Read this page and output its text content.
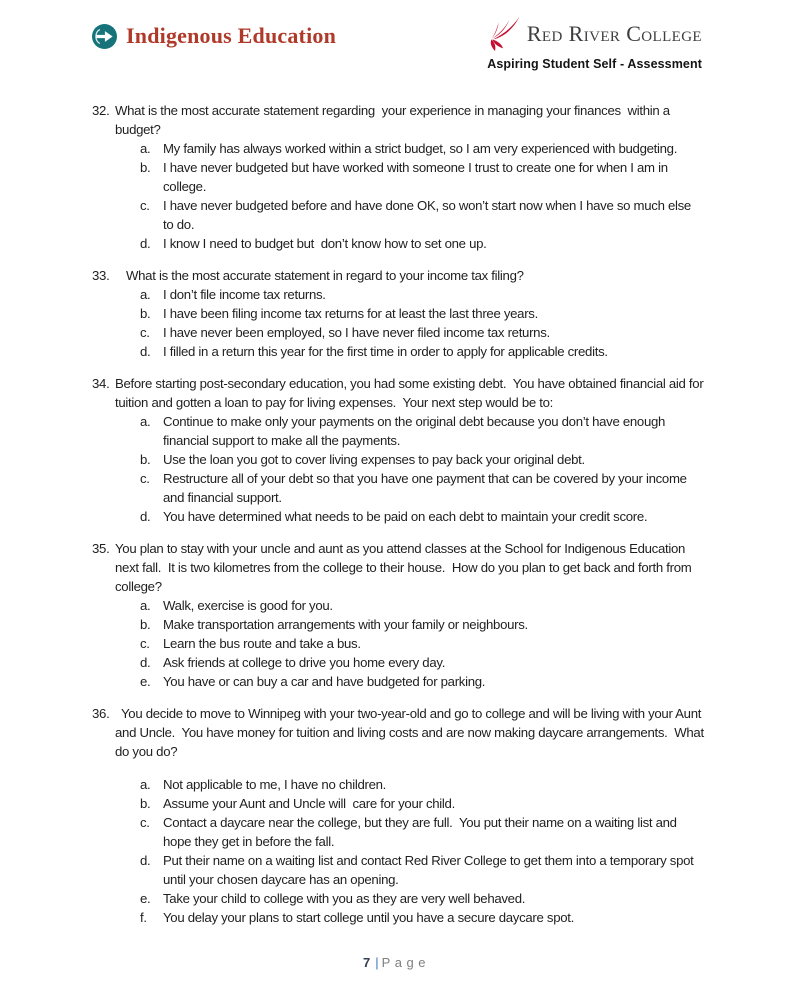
Indigenous Education	Red River College
Aspiring Student Self - Assessment
32. What is the most accurate statement regarding  your experience in managing your finances  within a budget?

a. My family has always worked within a strict budget, so I am very experienced with budgeting.
b. I have never budgeted but have worked with someone I trust to create one for when I am in college.
c.	I have never budgeted before and have done OK, so won’t start now when I have so much else to do.
d. I know I need to budget but  don’t know how to set one up.
33.	What is the most accurate statement in regard to your income tax filing?

a. I don’t file income tax returns.
b. I have been filing income tax returns for at least the last three years.
c.	I have never been employed, so I have never filed income tax returns.
d. I filled in a return this year for the first time in order to apply for applicable credits.
34. Before starting post-secondary education, you had some existing debt.  You have obtained financial aid for tuition and gotten a loan to pay for living expenses.  Your next step would be to:

a. Continue to make only your payments on the original debt because you don’t have enough financial support to make all the payments.
b. Use the loan you got to cover living expenses to pay back your original debt.
c.	Restructure all of your debt so that you have one payment that can be covered by your income and financial support.
d. You have determined what needs to be paid on each debt to maintain your credit score.
35. You plan to stay with your uncle and aunt as you attend classes at the School for Indigenous Education next fall.  It is two kilometres from the college to their house.  How do you plan to get back and forth from college?

a. Walk, exercise is good for you.
b. Make transportation arrangements with your family or neighbours.
c.	Learn the bus route and take a bus.
d. Ask friends at college to drive you home every day.
e. You have or can buy a car and have budgeted for parking.
36. You decide to move to Winnipeg with your two-year-old and go to college and will be living with your Aunt and Uncle.  You have money for tuition and living costs and are now making daycare arrangements.  What do you do?

a. Not applicable to me, I have no children.
b. Assume your Aunt and Uncle will  care for your child.
c.	Contact a daycare near the college, but they are full.  You put their name on a waiting list and hope they get in before the fall.
d. Put their name on a waiting list and contact Red River College to get them into a temporary spot until your chosen daycare has an opening.
e. Take your child to college with you as they are very well behaved.
f.	You delay your plans to start college until you have a secure daycare spot.
7 | Page
